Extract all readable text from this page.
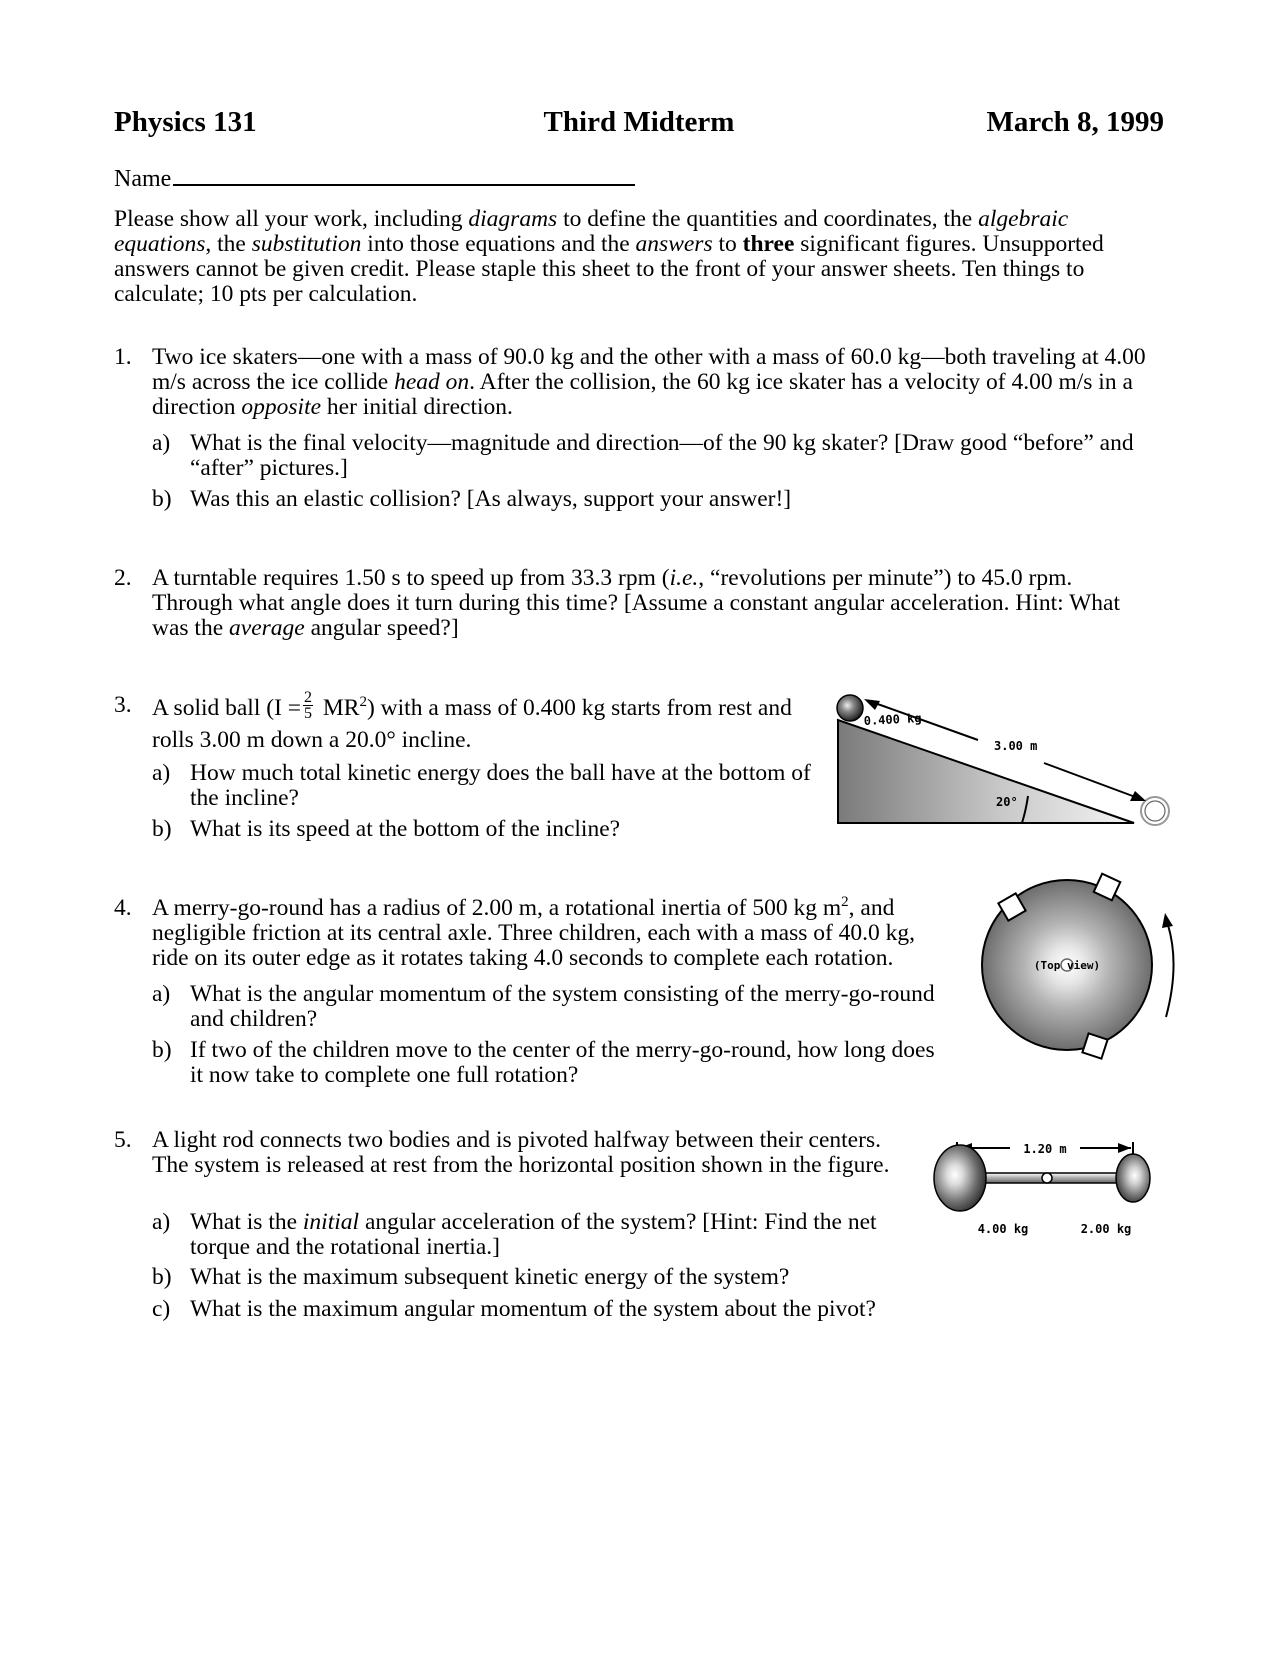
Physics 131	Third Midterm	March 8, 1999
Name

Please show all your work, including diagrams to define the quantities and coordinates, the algebraic equations, the substitution into those equations and the answers to three significant figures. Unsupported answers cannot be given credit. Please staple this sheet to the front of your answer sheets. Ten things to calculate; 10 pts per calculation.

1. Two ice skaters—one with a mass of 90.0 kg and the other with a mass of 60.0 kg—both traveling at 4.00 m/s across the ice collide head on. After the collision, the 60 kg ice skater has a velocity of 4.00 m/s in a direction opposite her initial direction.
a) What is the final velocity—magnitude and direction—of the 90 kg skater? [Draw good “before” and “after” pictures.]
b) Was this an elastic collision? [As always, support your answer!]
2. A turntable requires 1.50 s to speed up from 33.3 rpm (i.e., “revolutions per minute”) to 45.0 rpm. Through what angle does it turn during this time? [Assume a constant angular acceleration. Hint: What was the average angular speed?]
3. A solid ball $(I = \frac{2}{5} MR^2)$ with a mass of 0.400 kg starts from rest and rolls 3.00 m down a 20.0° incline.
a) How much total kinetic energy does the ball have at the bottom of the incline?
b) What is its speed at the bottom of the incline?
0.400 kg
3.00 m
20°
4. A merry-go-round has a radius of 2.00 m, a rotational inertia of 500 kg $m^2$, and negligible friction at its central axle. Three children, each with a mass of 40.0 kg, ride on its outer edge as it rotates taking 4.0 seconds to complete each rotation.
a) What is the angular momentum of the system consisting of the merry-go-round and children?
b) If two of the children move to the center of the merry-go-round, how long does it now take to complete one full rotation?
(Top view)
5. A light rod connects two bodies and is pivoted halfway between their centers. The system is released at rest from the horizontal position shown in the figure.
a) What is the initial angular acceleration of the system? [Hint: Find the net torque and the rotational inertia.]
b) What is the maximum subsequent kinetic energy of the system?
c) What is the maximum angular momentum of the system about the pivot?
1.20 m
4.00 kg	2.00 kg
